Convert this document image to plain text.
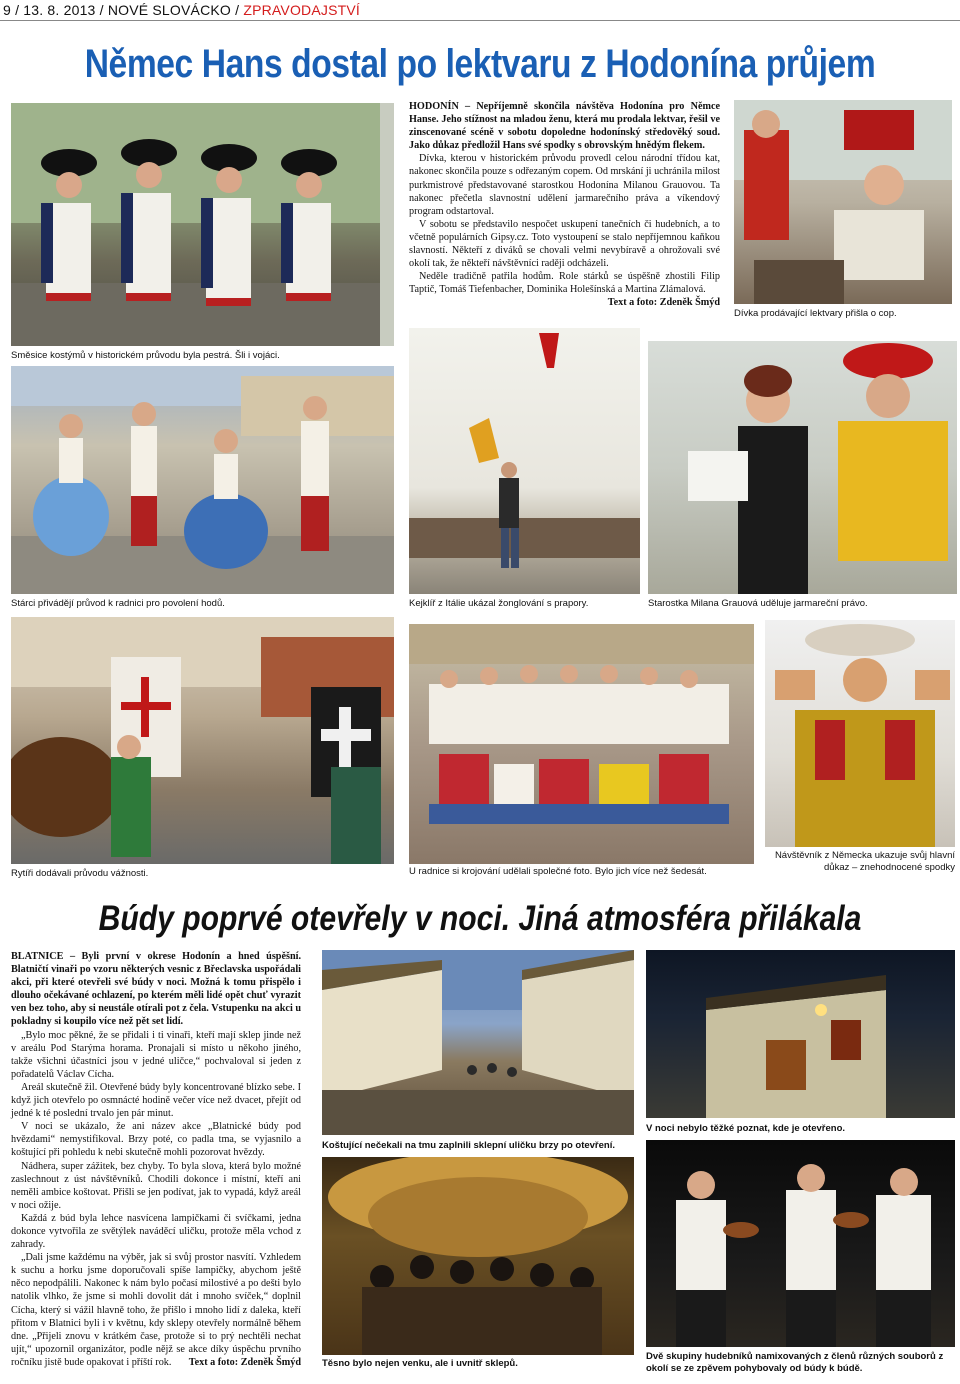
9 / 13. 8. 2013 / NOVÉ SLOVÁCKO / ZPRAVODAJSTVÍ
Němec Hans dostal po lektvaru z Hodonína průjem

HODONÍN – Nepříjemně skončila návštěva Hodonína pro Němce Hanse. Jeho stížnost na mladou ženu, která mu prodala lektvar, řešil ve zinscenované scéně v sobotu dopoledne hodonínský středověký soud. Jako důkaz předložil Hans své spodky s obrovským hnědým flekem.

Dívka, kterou v historickém průvodu provedl celou národní třídou kat, nakonec skončila pouze s odřezaným copem. Od mrskání ji uchránila milost purkmistrové představované starostkou Hodonína Milanou Grauovou. Ta nakonec přečetla slavnostní udělení jarmarečního práva a víkendový program odstartoval.

V sobotu se představilo nespočet uskupení tanečních či hudebních, a to včetně populárních Gipsy.cz. Toto vystoupení se stalo nepříjemnou kaňkou slavností. Někteří z diváků se chovali velmi nevybíravě a ohrožovali své okolí tak, že někteří návštěvníci raději odcházeli.

Neděle tradičně patřila hodům. Role stárků se úspěšně zhostili Filip Taptič, Tomáš Tiefenbacher, Dominika Holešínská a Martina Zlámalová.
Text a foto: Zdeněk Šmýd

Dívka prodávající lektvary přišla o cop.
Směsice kostýmů v historickém průvodu byla pestrá. Šli i vojáci.
Stárci přivádějí průvod k radnici pro povolení hodů.	Kejklíř z Itálie ukázal žonglování s prapory.	Starostka Milana Grauová uděluje jarmareční právo.
Rytíři dodávali průvodu vážnosti.	U radnice si krojování udělali společné foto. Bylo jich více než šedesát.
Návštěvník z Německa ukazuje svůj hlavní důkaz – znehodnocené spodky
Búdy poprvé otevřely v noci. Jiná atmosféra přilákala

BLATNICE – Byli první v okrese Hodonín a hned úspěšní. Blatničtí vinaři po vzoru některých vesnic z Břeclavska uspořádali akci, při které otevřeli své búdy v noci. Možná k tomu přispělo i dlouho očekávané ochlazení, po kterém měli lidé opět chuť vyrazit ven bez toho, aby si neustále otírali pot z čela. Vstupenku na akci u pokladny si koupilo více než pět set lidí.

„Bylo moc pěkné, že se přidali i ti vinaři, kteří mají sklep jinde než v areálu Pod Starýma horama. Pronajali si místo u někoho jiného, takže všichni účastníci jsou v jedné uličce,“ pochvaloval si jeden z pořadatelů Václav Cícha.

Areál skutečně žil. Otevřené búdy byly koncentrované blízko sebe. I když jich otevřelo po osmnácté hodině večer více než dvacet, přejít od jedné k té poslední trvalo jen pár minut.

V noci se ukázalo, že ani název akce „Blatnické búdy pod hvězdami“ nemystifikoval. Brzy poté, co padla tma, se vyjasnilo a koštující při pohledu k nebi skutečně mohli pozorovat hvězdy.

Nádhera, super zážitek, bez chyby. To byla slova, která bylo možné zaslechnout z úst návštěvníků. Chodili dokonce i místní, kteří ani neměli ambice koštovat. Přišli se jen podívat, jak to vypadá, když areál v noci ožije.

Každá z búd byla lehce nasvícena lampičkami či svíčkami, jedna dokonce vytvořila ze světýlek naváděcí uličku, protože měla vchod z zahrady.

„Dali jsme každému na výběr, jak si svůj prostor nasvítí. Vzhledem k suchu a horku jsme doporučovali spíše lampičky, abychom ještě něco nepodpálili. Nakonec k nám bylo počasí milostivé a po dešti bylo natolik vlhko, že jsme si mohli dovolit dát i mnoho svíček,“ doplnil Cícha, který si vážil hlavně toho, že přišlo i mnoho lidí z daleka, kteří přitom v Blatnici byli i v květnu, kdy sklepy otevřely normálně během dne. „Přijeli znovu v krátkém čase, protože si to prý nechtěli nechat ujít,“ upozornil organizátor, podle nějž se akce díky úspěchu prvního ročníku jistě bude opakovat i příští rok.	Text a foto: Zdeněk Šmýd

Koštující nečekali na tmu zaplnili sklepní uličku brzy po otevření.
V noci nebylo těžké poznat, kde je otevřeno.
Těsno bylo nejen venku, ale i uvnitř sklepů.
Dvě skupiny hudebníků namixovaných z členů různých souborů z okolí se ze zpěvem pohybovaly od búdy k búdě.
